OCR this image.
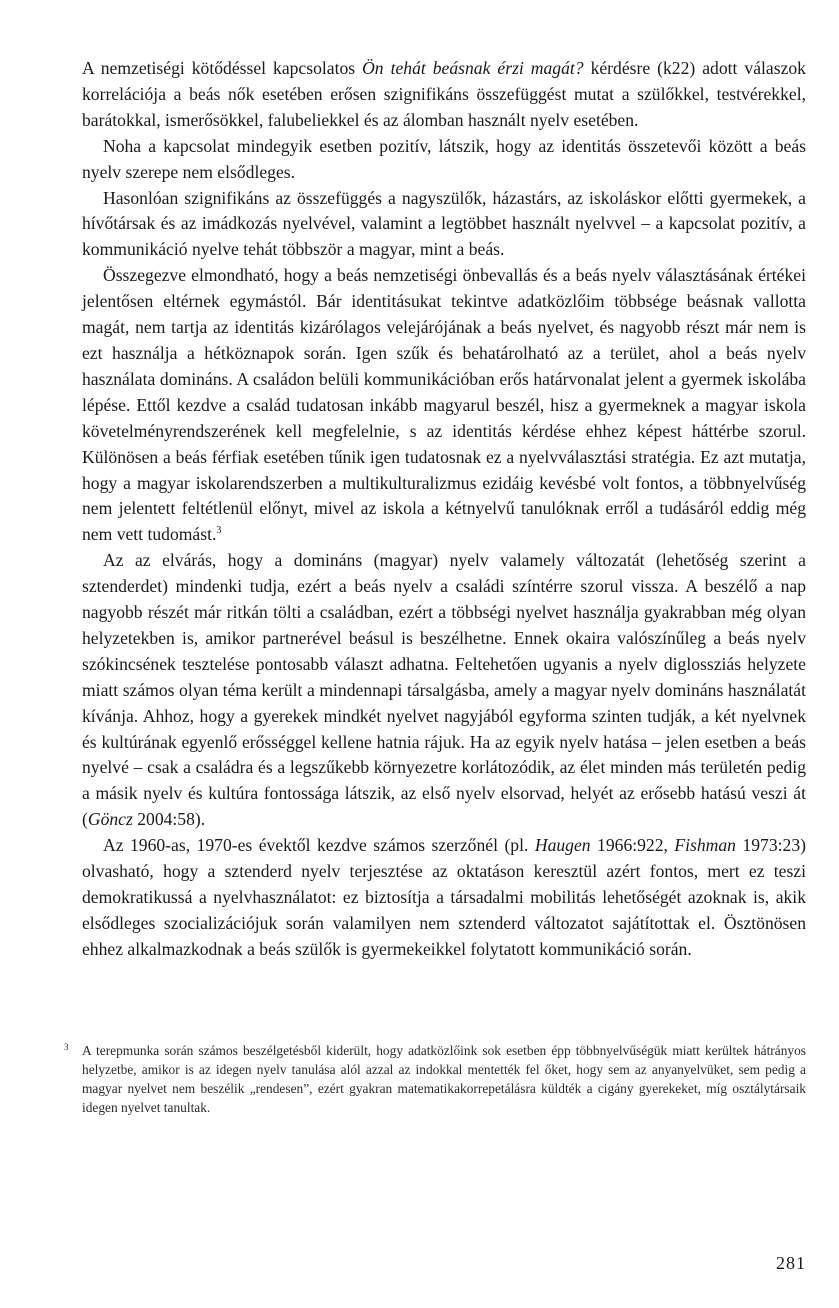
A nemzetiségi kötődéssel kapcsolatos Ön tehát beásnak érzi magát? kérdésre (k22) adott válaszok korrelációja a beás nők esetében erősen szignifikáns összefüggést mutat a szülőkkel, testvérekkel, barátokkal, ismerősökkel, falubeliekkel és az álomban használt nyelv esetében.

Noha a kapcsolat mindegyik esetben pozitív, látszik, hogy az identitás összetevői között a beás nyelv szerepe nem elsődleges.

Hasonlóan szignifikáns az összefüggés a nagyszülők, házastárs, az iskoláskor előtti gyermekek, a hívőtársak és az imádkozás nyelvével, valamint a legtöbbet használt nyelvvel – a kapcsolat pozitív, a kommunikáció nyelve tehát többször a magyar, mint a beás.

Összegezve elmondható, hogy a beás nemzetiségi önbevallás és a beás nyelv választásának értékei jelentősen eltérnek egymástól. Bár identitásukat tekintve adatközlőim többsége beásnak vallotta magát, nem tartja az identitás kizárólagos velejárójának a beás nyelvet, és nagyobb részt már nem is ezt használja a hétköznapok során. Igen szűk és behatárolható az a terület, ahol a beás nyelv használata domináns. A családon belüli kommunikációban erős határvonalat jelent a gyermek iskolába lépése. Ettől kezdve a család tudatosan inkább magyarul beszél, hisz a gyermeknek a magyar iskola követelményrendszerének kell megfelelnie, s az identitás kérdése ehhez képest háttérbe szorul. Különösen a beás férfiak esetében tűnik igen tudatosnak ez a nyelvválasztási stratégia. Ez azt mutatja, hogy a magyar iskolarendszerben a multikulturalizmus ezidáig kevésbé volt fontos, a többnyelvűség nem jelentett feltétlenül előnyt, mivel az iskola a kétnyelvű tanulóknak erről a tudásáról eddig még nem vett tudomást.$^3$

Az az elvárás, hogy a domináns (magyar) nyelv valamely változatát (lehetőség szerint a sztenderdet) mindenki tudja, ezért a beás nyelv a családi színtérre szorul vissza. A beszélő a nap nagyobb részét már ritkán tölti a családban, ezért a többségi nyelvet használja gyakrabban még olyan helyzetekben is, amikor partnerével beásul is beszélhetne. Ennek okaira valószínűleg a beás nyelv szókincsének tesztelése pontosabb választ adhatna. Feltehetően ugyanis a nyelv diglossziás helyzete miatt számos olyan téma került a mindennapi társalgásba, amely a magyar nyelv domináns használatát kívánja. Ahhoz, hogy a gyerekek mindkét nyelvet nagyjából egyforma szinten tudják, a két nyelvnek és kultúrának egyenlő erősséggel kellene hatnia rájuk. Ha az egyik nyelv hatása – jelen esetben a beás nyelvé – csak a családra és a legszűkebb környezetre korlátozódik, az élet minden más területén pedig a másik nyelv és kultúra fontossága látszik, az első nyelv elsorvad, helyét az erősebb hatású veszi át (Göncz 2004:58).

Az 1960-as, 1970-es évektől kezdve számos szerzőnél (pl. Haugen 1966:922, Fishman 1973:23) olvasható, hogy a sztenderd nyelv terjesztése az oktatáson keresztül azért fontos, mert ez teszi demokratikussá a nyelvhasználatot: ez biztosítja a társadalmi mobilitás lehetőségét azoknak is, akik elsődleges szocializációjuk során valamilyen nem sztenderd változatot sajátítottak el. Ösztönösen ehhez alkalmazkodnak a beás szülők is gyermekeikkel folytatott kommunikáció során.

3 A terepmunka során számos beszélgetésből kiderült, hogy adatközlőink sok esetben épp többnyelvűségük miatt kerültek hátrányos helyzetbe, amikor is az idegen nyelv tanulása alól azzal az indokkal mentették fel őket, hogy sem az anyanyelvüket, sem pedig a magyar nyelvet nem beszélik „rendesen”, ezért gyakran matematikakorrepetálásra küldték a cigány gyerekeket, míg osztálytársaik idegen nyelvet tanultak.
281
